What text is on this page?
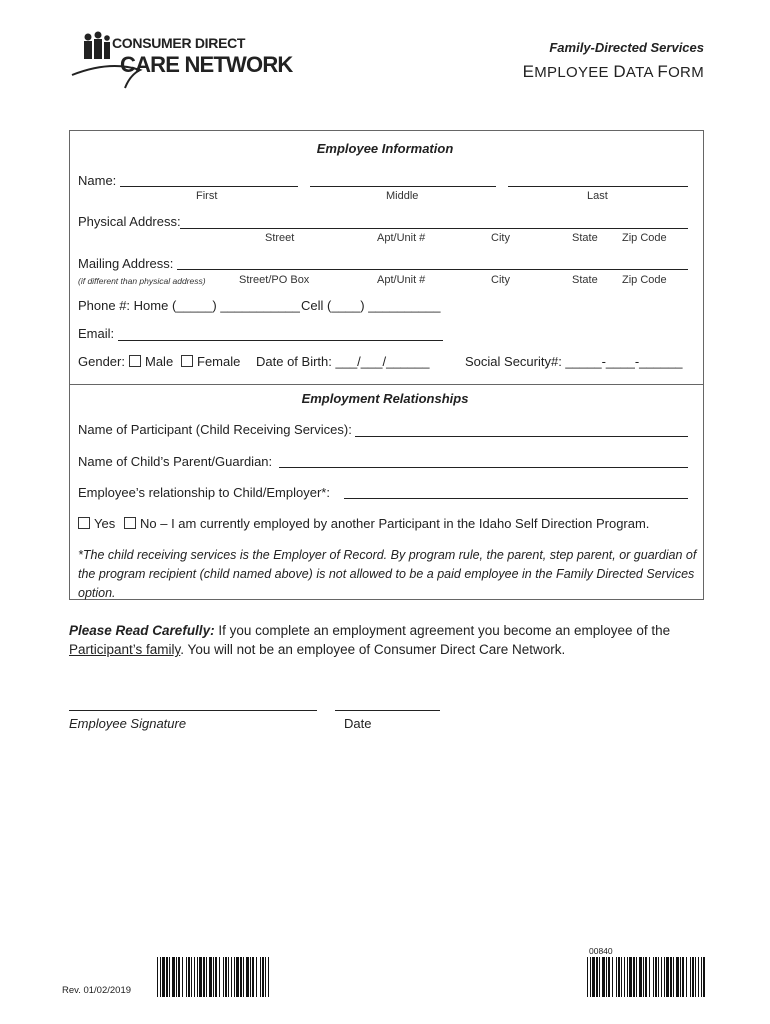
CONSUMER DIRECT
CARE NETWORK
Family-Directed Services
EMPLOYEE DATA FORM
Employee Information
Name:
First	Middle	Last
Physical Address:
Street	Apt/Unit #	City	State Zip Code
Mailing Address:
(if different than physical address)	Street/PO Box	Apt/Unit #	City	State Zip Code
Phone #: Home (_____) ___________ Cell (____) __________
Email:
Gender:	Male	Female Date of Birth: ___/___/______	Social Security#: _____-____-______
Employment Relationships
Name of Participant (Child Receiving Services):
Name of Child’s Parent/Guardian:
Employee’s relationship to Child/Employer*:
Yes	No – I am currently employed by another Participant in the Idaho Self Direction Program.
*The child receiving services is the Employer of Record. By program rule, the parent, step parent, or guardian of the program recipient (child named above) is not allowed to be a paid employee in the Family Directed Services option.
Please Read Carefully: If you complete an employment agreement you become an employee of the
Participant’s family. You will not be an employee of Consumer Direct Care Network.
Employee Signature	Date
Rev. 01/02/2019
00840
